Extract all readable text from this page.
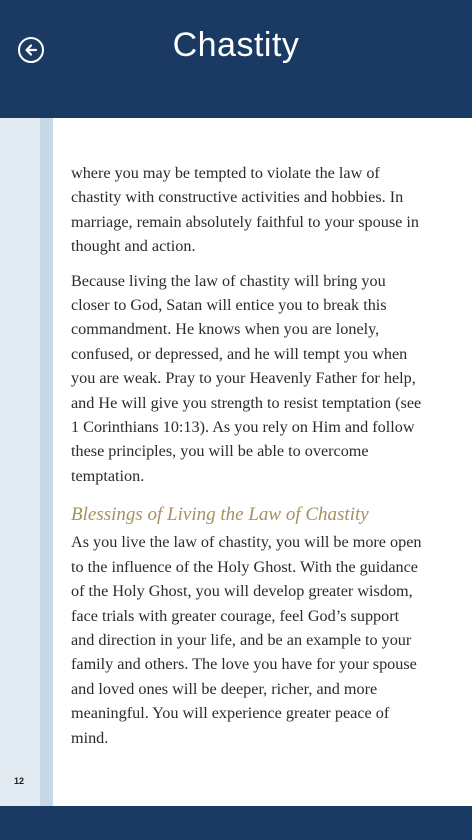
Chastity

where you may be tempted to violate the law of chastity with constructive activities and hobbies. In marriage, remain absolutely faithful to your spouse in thought and action.

Because living the law of chastity will bring you closer to God, Satan will entice you to break this commandment. He knows when you are lonely, confused, or depressed, and he will tempt you when you are weak. Pray to your Heavenly Father for help, and He will give you strength to resist temptation (see 1 Corinthians 10:13). As you rely on Him and follow these principles, you will be able to overcome temptation.

Blessings of Living the Law of Chastity

As you live the law of chastity, you will be more open to the influence of the Holy Ghost. With the guidance of the Holy Ghost, you will develop greater wisdom, face trials with greater courage, feel God’s support and direction in your life, and be an example to your family and others. The love you have for your spouse and loved ones will be deeper, richer, and more meaningful. You will experience greater peace of mind.

12
